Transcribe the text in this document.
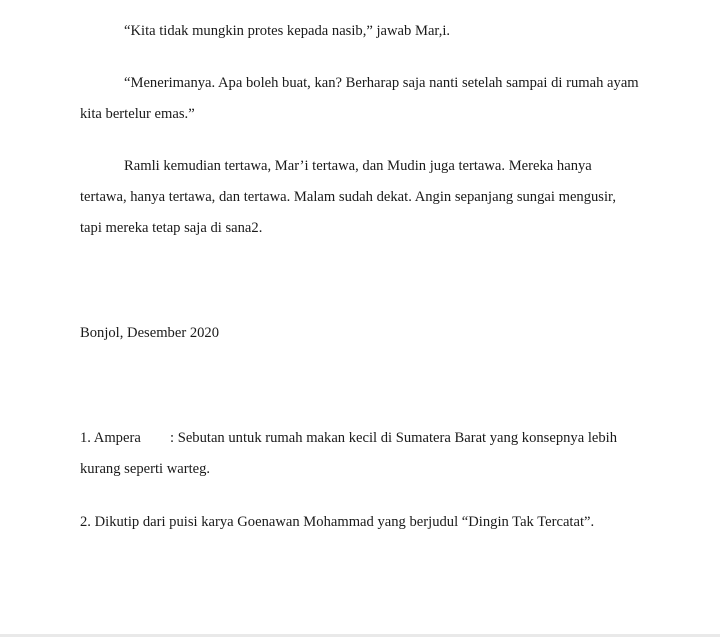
“Kita tidak mungkin protes kepada nasib,” jawab Mar,i.

“Menerimanya. Apa boleh buat, kan? Berharap saja nanti setelah sampai di rumah ayam kita bertelur emas.”

Ramli kemudian tertawa, Mar’i tertawa, dan Mudin juga tertawa. Mereka hanya tertawa, hanya tertawa, dan tertawa. Malam sudah dekat. Angin sepanjang sungai mengusir, tapi mereka tetap saja di sana2.

Bonjol, Desember 2020

1. Ampera : Sebutan untuk rumah makan kecil di Sumatera Barat yang konsepnya lebih kurang seperti warteg.

2. Dikutip dari puisi karya Goenawan Mohammad yang berjudul “Dingin Tak Tercatat”.
